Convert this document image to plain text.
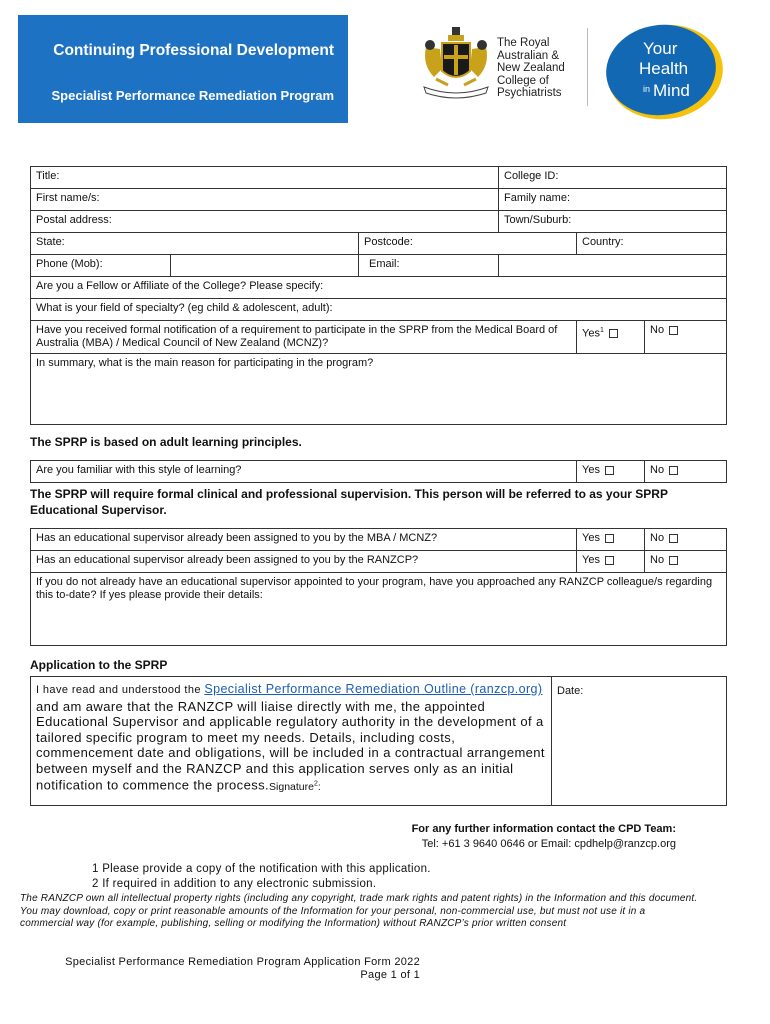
Continuing Professional Development
Specialist Performance Remediation Program
The Royal
Australian &
New Zealand
College of
Psychiatrists
Your
Health
in Mind
Title:			College ID:		
First name/s:			Family name:		
Postal address:			Town/Suburb:		
State:		Postcode:		Country:	
Phone (Mob):		Email:			
Are you a Fellow or Affiliate of the College? Please specify:					
What is your field of specialty? (eg child & adolescent, adult):					
Have you received formal notification of a requirement to participate in the SPRP from the Medical Board of Australia (MBA) / Medical Council of New Zealand (MCNZ)?				Yes$^1$	No
In summary, what is the main reason for participating in the program?					
The SPRP is based on adult learning principles.
Are you familiar with this style of learning?	Yes	No
The SPRP will require formal clinical and professional supervision. This person will be referred to as your SPRP Educational Supervisor.
Has an educational supervisor already been assigned to you by the MBA / MCNZ?	Yes	No
Has an educational supervisor already been assigned to you by the RANZCP?	Yes	No
If you do not already have an educational supervisor appointed to your program, have you approached any RANZCP colleague/s regarding this to-date? If yes please provide their details:		
Application to the SPRP
I have read and understood the Specialist Performance Remediation Outline (ranzcp.org) and am aware that the RANZCP will liaise directly with me, the appointed Educational Supervisor and applicable regulatory authority in the development of a tailored specific program to meet my needs. Details, including costs, commencement date and obligations, will be included in a contractual arrangement between myself and the RANZCP and this application serves only as an initial notification to commence the process.Signature$^2$:
	Date:
For any further information contact the CPD Team:
Tel: +61 3 9640 0646 or Email: cpdhelp@ranzcp.org
1 Please provide a copy of the notification with this application.
2 If required in addition to any electronic submission.
The RANZCP own all intellectual property rights (including any copyright, trade mark rights and patent rights) in the Information and this document. You may download, copy or print reasonable amounts of the Information for your personal, non-commercial use, but must not use it in a commercial way (for example, publishing, selling or modifying the Information) without RANZCP’s prior written consent
Specialist Performance Remediation Program Application Form 2022
Page 1 of 1
